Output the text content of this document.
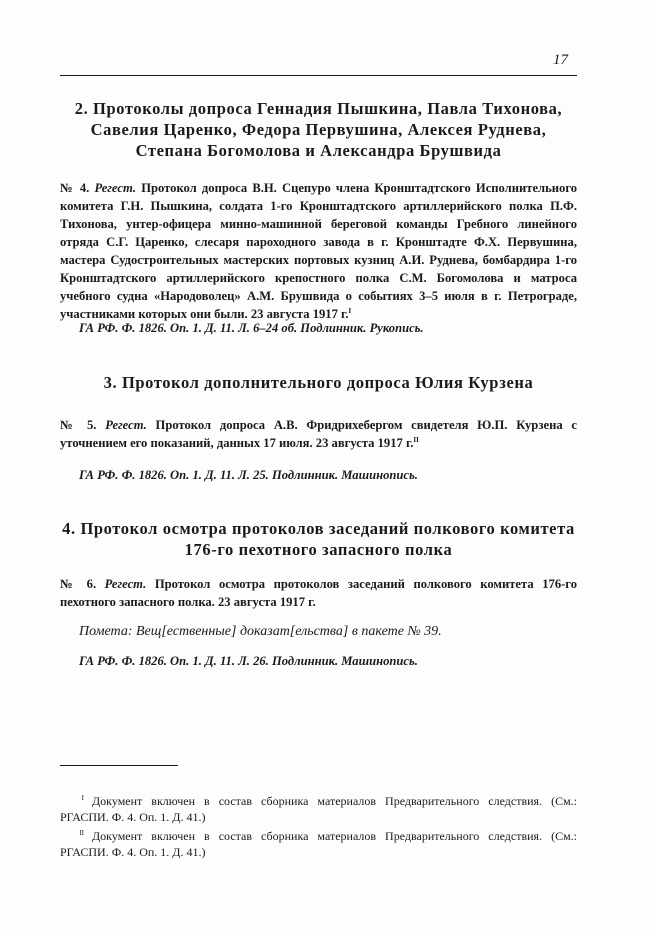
17
2. Протоколы допроса Геннадия Пышкина, Павла Тихонова, Савелия Царенко, Федора Первушина, Алексея Руднева, Степана Богомолова и Александра Брушвида

№ 4. Регест. Протокол допроса В.Н. Сцепуро члена Кронштадтского Исполнительного комитета Г.Н. Пышкина, солдата 1-го Кронштадтского артиллерийского полка П.Ф. Тихонова, унтер-офицера минно-машинной береговой команды Гребного линейного отряда С.Г. Царенко, слесаря пароходного завода в г. Кронштадте Ф.Х. Первушина, мастера Судостроительных мастерских портовых кузниц А.И. Руднева, бомбардира 1-го Кронштадтского артиллерийского крепостного полка С.М. Богомолова и матроса учебного судна «Народоволец» А.М. Брушвида о событиях 3–5 июля в г. Петрограде, участниками которых они были. 23 августа 1917 г.$^I$

ГА РФ. Ф. 1826. Оп. 1. Д. 11. Л. 6–24 об. Подлинник. Рукопись.

3. Протокол дополнительного допроса Юлия Курзена

№ 5. Регест. Протокол допроса А.В. Фридрихебергом свидетеля Ю.П. Курзена с уточнением его показаний, данных 17 июля. 23 августа 1917 г.$^{II}$

ГА РФ. Ф. 1826. Оп. 1. Д. 11. Л. 25. Подлинник. Машинопись.

4. Протокол осмотра протоколов заседаний полкового комитета 176-го пехотного запасного полка

№ 6. Регест. Протокол осмотра протоколов заседаний полкового комитета 176-го пехотного запасного полка. 23 августа 1917 г.

Помета: Вещ[ественные] доказат[ельства] в пакете № 39.

ГА РФ. Ф. 1826. Оп. 1. Д. 11. Л. 26. Подлинник. Машинопись.

I Документ включен в состав сборника материалов Предварительного следствия. (См.: РГАСПИ. Ф. 4. Оп. 1. Д. 41.)

II Документ включен в состав сборника материалов Предварительного следствия. (См.: РГАСПИ. Ф. 4. Оп. 1. Д. 41.)
